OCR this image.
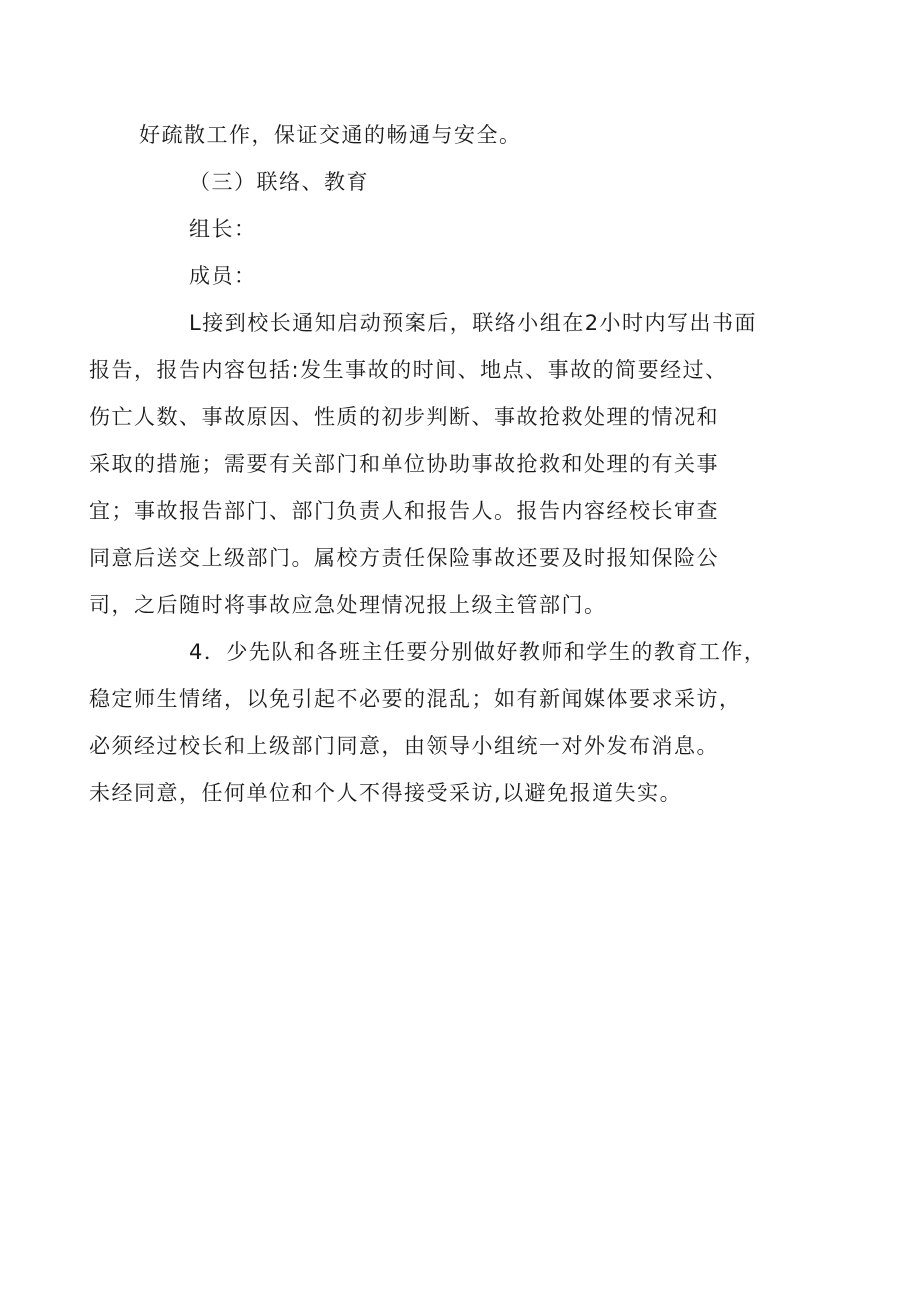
好疏散工作，保证交通的畅通与安全。

（三）联络、教育

组长：

成员：

L接到校长通知启动预案后，联络小组在2小时内写出书面
报告，报告内容包括:发生事故的时间、地点、事故的简要经过、
伤亡人数、事故原因、性质的初步判断、事故抢救处理的情况和
采取的措施；需要有关部门和单位协助事故抢救和处理的有关事
宜；事故报告部门、部门负责人和报告人。报告内容经校长审查
同意后送交上级部门。属校方责任保险事故还要及时报知保险公
司，之后随时将事故应急处理情况报上级主管部门。

4．少先队和各班主任要分别做好教师和学生的教育工作，
稳定师生情绪，以免引起不必要的混乱；如有新闻媒体要求采访，
必须经过校长和上级部门同意，由领导小组统一对外发布消息。
未经同意，任何单位和个人不得接受采访,以避免报道失实。
